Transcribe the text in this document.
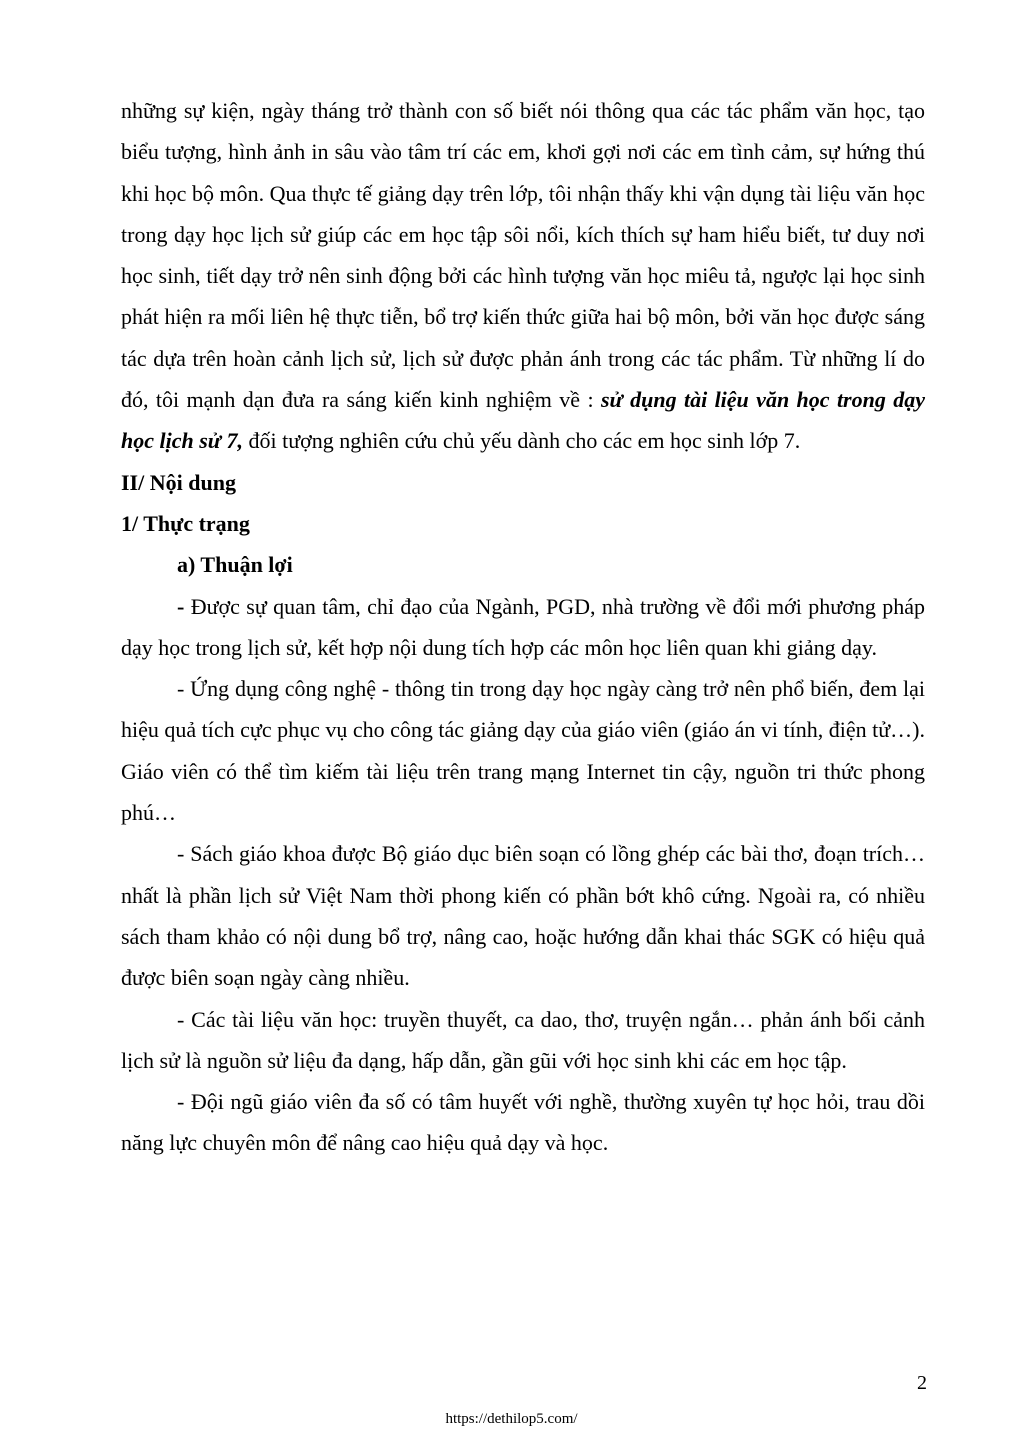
những sự kiện, ngày tháng trở thành con số biết nói thông qua các tác phẩm văn học, tạo biểu tượng, hình ảnh in sâu vào tâm trí các em, khơi gợi nơi các em tình cảm, sự hứng thú khi học bộ môn. Qua thực tế giảng dạy trên lớp, tôi nhận thấy khi vận dụng tài liệu văn học trong dạy học lịch sử giúp các em học tập sôi nổi, kích thích sự ham hiểu biết, tư duy nơi học sinh, tiết dạy trở nên sinh động bởi các hình tượng văn học miêu tả, ngược lại học sinh phát hiện ra mối liên hệ thực tiễn, bổ trợ kiến thức giữa hai bộ môn, bởi văn học được sáng tác dựa trên hoàn cảnh lịch sử, lịch sử được phản ánh trong các tác phẩm. Từ những lí do đó, tôi mạnh dạn đưa ra sáng kiến kinh nghiệm về : sử dụng tài liệu văn học trong dạy học lịch sử 7, đối tượng nghiên cứu chủ yếu dành cho các em học sinh lớp 7.

II/ Nội dung

1/ Thực trạng

a) Thuận lợi

- Được sự quan tâm, chỉ đạo của Ngành, PGD, nhà trường về đổi mới phương pháp dạy học trong lịch sử, kết hợp nội dung tích hợp các môn học liên quan khi giảng dạy.

- Ứng dụng công nghệ - thông tin trong dạy học ngày càng trở nên phổ biến, đem lại hiệu quả tích cực phục vụ cho công tác giảng dạy của giáo viên (giáo án vi tính, điện tử…). Giáo viên có thể tìm kiếm tài liệu trên trang mạng Internet tin cậy, nguồn tri thức phong phú…

- Sách giáo khoa được Bộ giáo dục biên soạn có lồng ghép các bài thơ, đoạn trích… nhất là phần lịch sử Việt Nam thời phong kiến có phần bớt khô cứng. Ngoài ra, có nhiều sách tham khảo có nội dung bổ trợ, nâng cao, hoặc hướng dẫn khai thác SGK có hiệu quả được biên soạn ngày càng nhiều.

- Các tài liệu văn học: truyền thuyết, ca dao, thơ, truyện ngắn… phản ánh bối cảnh lịch sử là nguồn sử liệu đa dạng, hấp dẫn, gần gũi với học sinh khi các em học tập.

- Đội ngũ giáo viên đa số có tâm huyết với nghề, thường xuyên tự học hỏi, trau dồi năng lực chuyên môn để nâng cao hiệu quả dạy và học.

2
https://dethilop5.com/
